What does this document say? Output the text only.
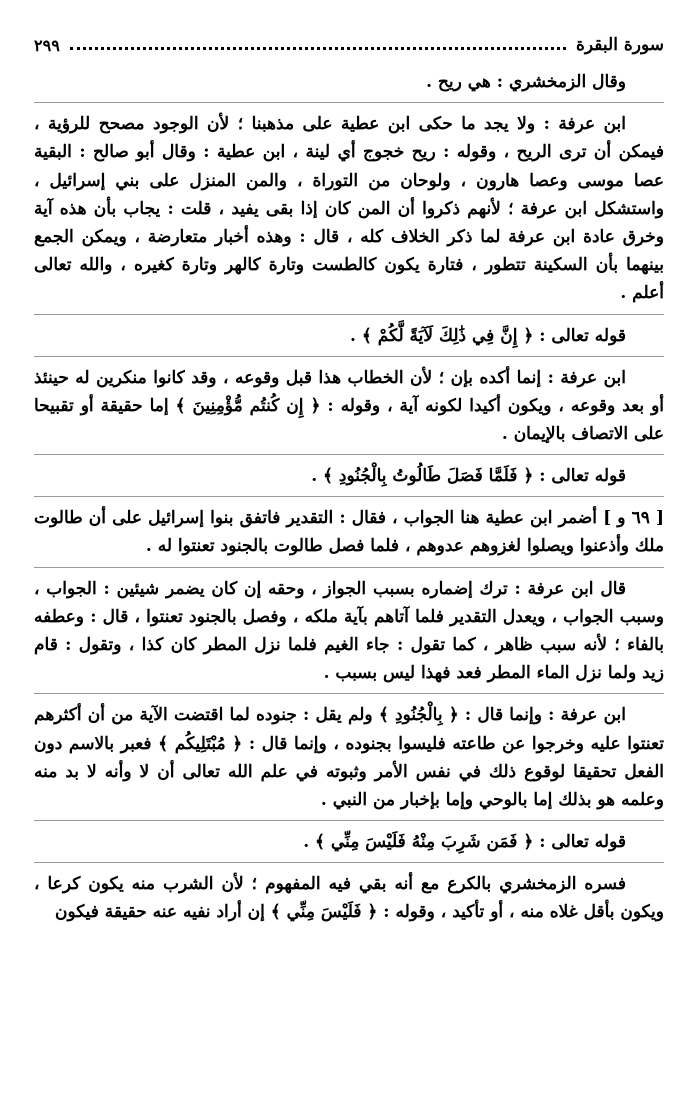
سورة البقرة
٢٩٩

وقال الزمخشري : هي ريح .

ابن عرفة : ولا يجد ما حكى ابن عطية على مذهبنا ؛ لأن الوجود مصحح للرؤية ، فيمكن أن ترى الريح ، وقوله : ريح خجوج أي لينة ، ابن عطية : وقال أبو صالح : البقية عصا موسى وعصا هارون ، ولوحان من التوراة ، والمن المنزل على بني إسرائيل ، واستشكل ابن عرفة ؛ لأنهم ذكروا أن المن كان إذا بقى يفيد ، قلت : يجاب بأن هذه آية وخرق عادة ابن عرفة لما ذكر الخلاف كله ، قال : وهذه أخبار متعارضة ، ويمكن الجمع بينهما بأن السكينة تتطور ، فتارة يكون كالطست وتارة كالهر وتارة كغيره ، والله تعالى أعلم .

قوله تعالى : ﴿ إِنَّ فِي ذَٰلِكَ لَآيَةً لَّكُمْ ﴾ .

ابن عرفة : إنما أكده بإن ؛ لأن الخطاب هذا قبل وقوعه ، وقد كانوا منكرين له حينئذ أو بعد وقوعه ، ويكون أكيدا لكونه آية ، وقوله : ﴿ إِن كُنتُم مُّؤْمِنِينَ ﴾ إما حقيقة أو تقبيحا على الاتصاف بالإيمان .

قوله تعالى : ﴿ فَلَمَّا فَصَلَ طَالُوتُ بِالْجُنُودِ ﴾ .

[ ٦٩ و ] أضمر ابن عطية هنا الجواب ، فقال : التقدير فاتفق بنوا إسرائيل على أن طالوت ملك وأذعنوا ويصلوا لغزوهم عدوهم ، فلما فصل طالوت بالجنود تعنتوا له .

قال ابن عرفة : ترك إضماره بسبب الجواز ، وحقه إن كان يضمر شيئين : الجواب ، وسبب الجواب ، ويعدل التقدير فلما آتاهم بآية ملكه ، وفصل بالجنود تعنتوا ، قال : وعطفه بالفاء ؛ لأنه سبب ظاهر ، كما تقول : جاء الغيم فلما نزل المطر كان كذا ، وتقول : قام زيد ولما نزل الماء المطر فعد فهذا ليس بسبب .

ابن عرفة : وإنما قال : ﴿ بِالْجُنُودِ ﴾ ولم يقل : جنوده لما اقتضت الآية من أن أكثرهم تعنتوا عليه وخرجوا عن طاعته فليسوا بجنوده ، وإنما قال : ﴿ مُبْتَلِيكُم ﴾ فعبر بالاسم دون الفعل تحقيقا لوقوع ذلك في نفس الأمر وثبوته في علم الله تعالى أن لا وأنه لا بد منه وعلمه هو بذلك إما بالوحي وإما بإخبار من النبي .

قوله تعالى : ﴿ فَمَن شَرِبَ مِنْهُ فَلَيْسَ مِنِّي ﴾ .

فسره الزمخشري بالكرع مع أنه بقي فيه المفهوم ؛ لأن الشرب منه يكون كرعا ، ويكون بأقل غلاه منه ، أو تأكيد ، وقوله : ﴿ فَلَيْسَ مِنِّي ﴾ إن أراد نفيه عنه حقيقة فيكون
